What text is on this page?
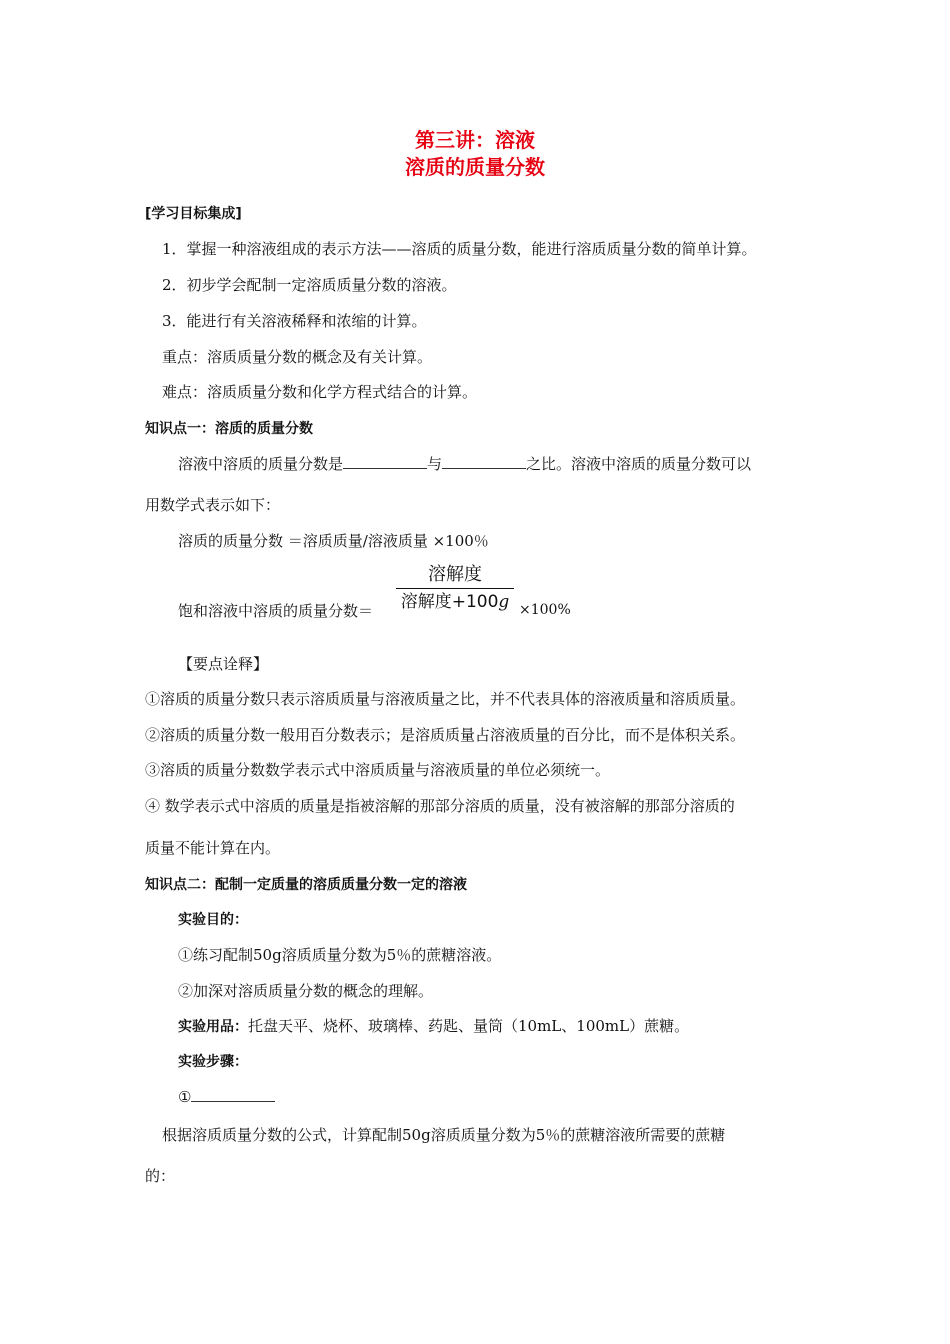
第三讲：溶液
溶质的质量分数
[学习目标集成]
1．掌握一种溶液组成的表示方法——溶质的质量分数，能进行溶质质量分数的简单计算。
2．初步学会配制一定溶质质量分数的溶液。
3．能进行有关溶液稀释和浓缩的计算。
重点：溶质质量分数的概念及有关计算。
难点：溶质质量分数和化学方程式结合的计算。
知识点一：溶质的质量分数
溶液中溶质的质量分数是	与	之比。溶液中溶质的质量分数可以
用数学式表示如下：
溶质的质量分数 ＝溶质质量/溶液质量 ×100％
饱和溶液中溶质的质量分数＝
溶解度
溶解度+100g ×100%
【要点诠释】
①溶质的质量分数只表示溶质质量与溶液质量之比，并不代表具体的溶液质量和溶质质量。
②溶质的质量分数一般用百分数表示；是溶质质量占溶液质量的百分比，而不是体积关系。
③溶质的质量分数数学表示式中溶质质量与溶液质量的单位必须统一。
④ 数学表示式中溶质的质量是指被溶解的那部分溶质的质量，没有被溶解的那部分溶质的
质量不能计算在内。
知识点二：配制一定质量的溶质质量分数一定的溶液
实验目的：
①练习配制50g溶质质量分数为5％的蔗糖溶液。
②加深对溶质质量分数的概念的理解。
实验用品：托盘天平、烧杯、玻璃棒、药匙、量筒（10mL、100mL）蔗糖。
实验步骤：
①
根据溶质质量分数的公式，计算配制50g溶质质量分数为5％的蔗糖溶液所需要的蔗糖
的：
